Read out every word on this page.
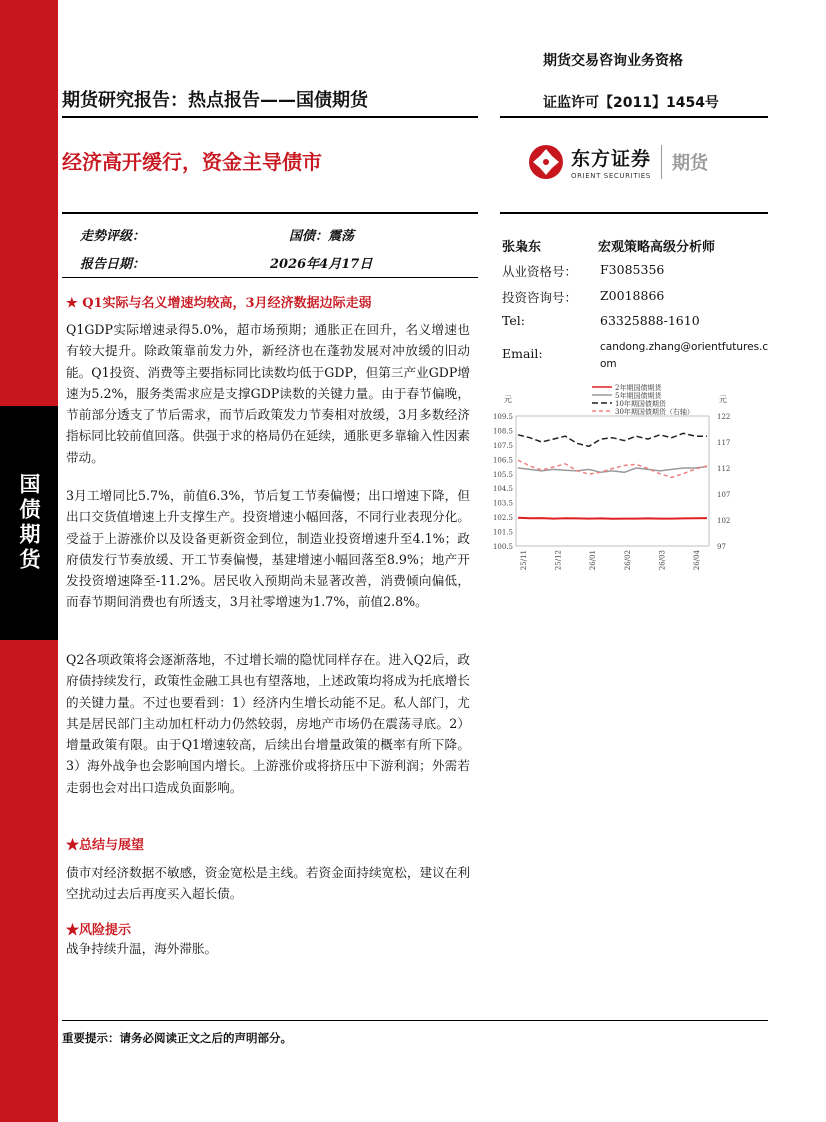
国债期货
期货交易咨询业务资格
证监许可【2011】1454号
期货研究报告：热点报告——国债期货
经济高开缓行，资金主导债市	东方证券
ORIENT SECURITIES
期货
走势评级：	国债：震荡
报告日期：	2026年4月17日
张枭东	宏观策略高级分析师
从业资格号： F3085356
投资咨询号： Z0018866
Tel:	63325888-1610
Email:	candong.zhang@orientfutures.com
元	元
109.5
108.5
107.5
106.5
105.5
104.5
103.5
102.5
101.5
100.5
122
117
112
107
102
97
25/11	25/12	26/01	26/02	26/03	26/04
2年期国债期货
5年期国债期货
10年期国债期货
30年期国债期货（右轴）
★ Q1实际与名义增速均较高，3月经济数据边际走弱
Q1GDP实际增速录得5.0%，超市场预期；通胀正在回升，名义增速也有较大提升。除政策靠前发力外，新经济也在蓬勃发展对冲放缓的旧动能。Q1投资、消费等主要指标同比读数均低于GDP，但第三产业GDP增速为5.2%，服务类需求应是支撑GDP读数的关键力量。由于春节偏晚，节前部分透支了节后需求，而节后政策发力节奏相对放缓，3月多数经济指标同比较前值回落。供强于求的格局仍在延续，通胀更多靠输入性因素带动。
3月工增同比5.7%，前值6.3%，节后复工节奏偏慢；出口增速下降，但出口交货值增速上升支撑生产。投资增速小幅回落，不同行业表现分化。受益于上游涨价以及设备更新资金到位，制造业投资增速升至4.1%；政府债发行节奏放缓、开工节奏偏慢，基建增速小幅回落至8.9%；地产开发投资增速降至-11.2%。居民收入预期尚未显著改善，消费倾向偏低，而春节期间消费也有所透支，3月社零增速为1.7%，前值2.8%。
Q2各项政策将会逐渐落地，不过增长端的隐忧同样存在。进入Q2后，政府债持续发行，政策性金融工具也有望落地，上述政策均将成为托底增长的关键力量。不过也要看到：1）经济内生增长动能不足。私人部门，尤其是居民部门主动加杠杆动力仍然较弱，房地产市场仍在震荡寻底。2）增量政策有限。由于Q1增速较高，后续出台增量政策的概率有所下降。3）海外战争也会影响国内增长。上游涨价或将挤压中下游利润；外需若走弱也会对出口造成负面影响。
★总结与展望
债市对经济数据不敏感，资金宽松是主线。若资金面持续宽松，建议在利空扰动过去后再度买入超长债。
★风险提示
战争持续升温，海外滞胀。
重要提示：请务必阅读正文之后的声明部分。
